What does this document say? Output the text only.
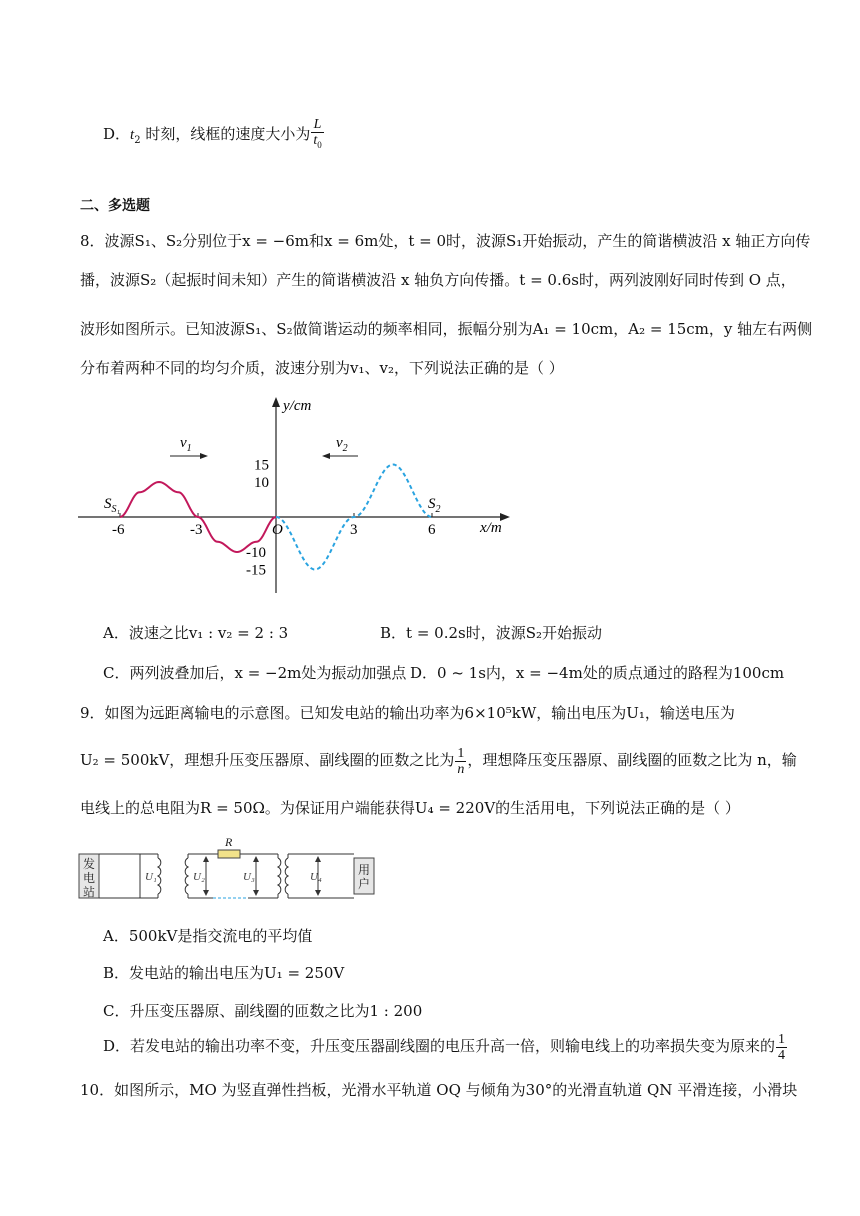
D．$t_2$ 时刻，线框的速度大小为 $\frac{L}{t_0}$
二、多选题
8．波源S₁、S₂分别位于x = −6m和x = 6m处，t = 0时，波源S₁开始振动，产生的简谐横波沿 x 轴正方向传
播，波源S₂（起振时间未知）产生的简谐横波沿 x 轴负方向传播。t = 0.6s时，两列波刚好同时传到 O 点，
波形如图所示。已知波源S₁、S₂做简谐运动的频率相同，振幅分别为A₁ = 10cm，A₂ = 15cm，y 轴左右两侧
分布着两种不同的均匀介质，波速分别为v₁、v₂，下列说法正确的是（ ）
y/cm
x/m
-6	-3	O	3	6
15
10
-10
-15
$S_{S_1}$	$S_2$
$v_1$	$v_2$
A．波速之比v₁ : v₂ = 2 : 3	B．t = 0.2s时，波源S₂开始振动
C．两列波叠加后，x = −2m处为振动加强点 D．0 ~ 1s内，x = −4m处的质点通过的路程为100cm
9．如图为远距离输电的示意图。已知发电站的输出功率为6×10⁵kW，输出电压为U₁，输送电压为
U₂ = 500kV，理想升压变压器原、副线圈的匝数之比为 $\frac{1}{n}$ ，理想降压变压器原、副线圈的匝数之比为 n，输
电线上的总电阻为R = 50Ω。为保证用户端能获得U₄ = 220V的生活用电，下列说法正确的是（ ）
R
U₁	U₂	U₃	U₄
发电站
用户
A．500kV是指交流电的平均值
B．发电站的输出电压为U₁ = 250V
C．升压变压器原、副线圈的匝数之比为1 : 200
D．若发电站的输出功率不变，升压变压器副线圈的电压升高一倍，则输电线上的功率损失变为原来的 $\frac{1}{4}$
10．如图所示，MO 为竖直弹性挡板，光滑水平轨道 OQ 与倾角为30°的光滑直轨道 QN 平滑连接，小滑块
